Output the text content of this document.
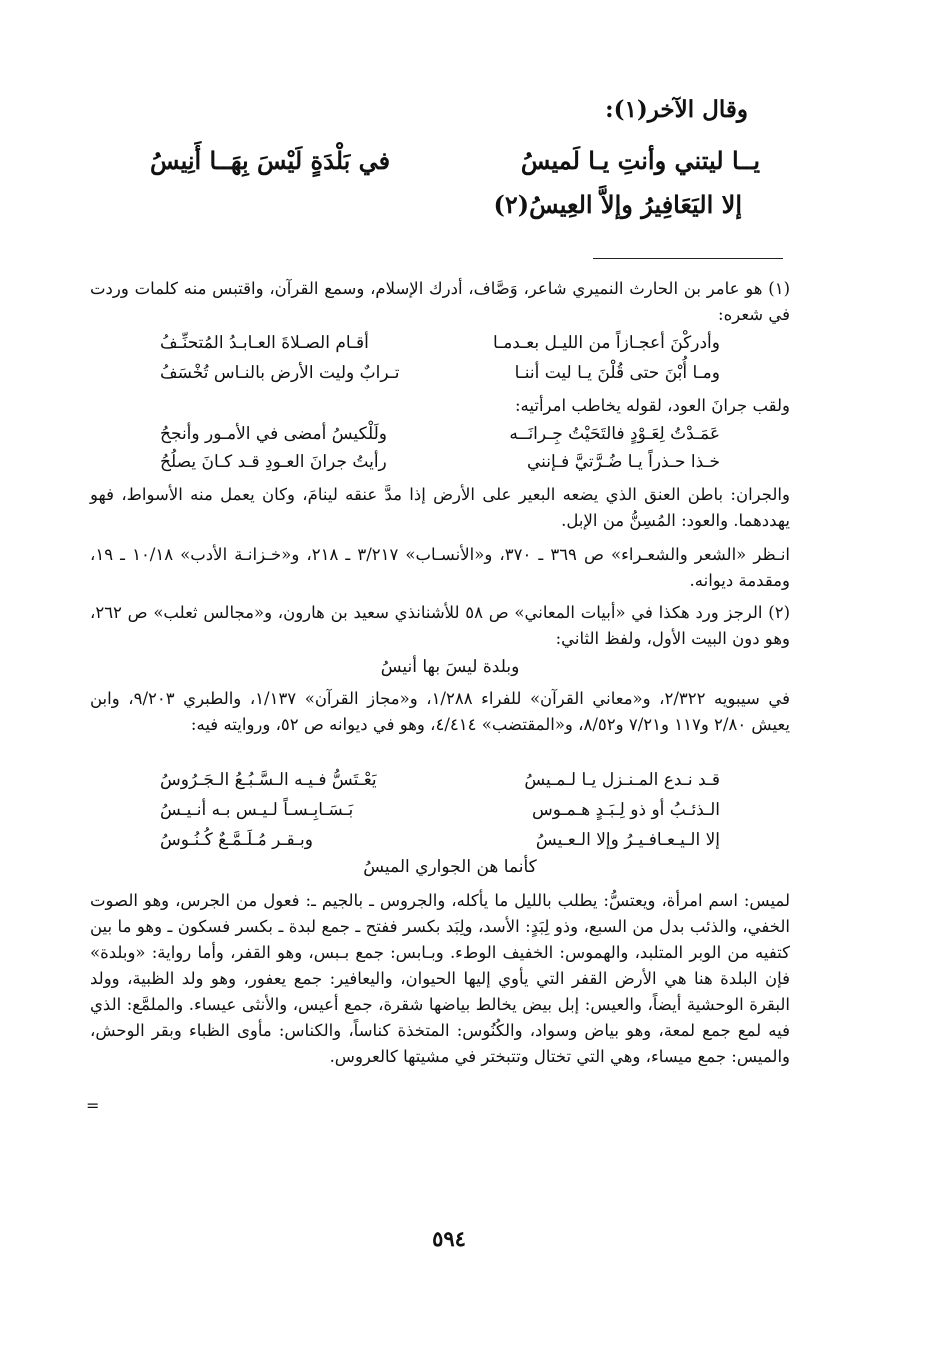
وقال الآخر(١):
يــا ليتني وأنتِ يـا لَميسُ
في بَلْدَةٍ لَيْسَ بِهَــا أَنِيسُ
إلا اليَعَافِيرُ وإلاَّ العِيسُ(٢)
(١) هو عامر بن الحارث النميري شاعر، وَصَّاف، أدرك الإسلام، وسمع القرآن، واقتبس منه كلمات وردت في شعره:
وأدركْنَ أعجـازاً من الليـل بعـدمـا
أقـام الصـلاةَ العـابـدُ المُتحنِّـفُ
ومـا أُبْنَ حتى قُلْنَ يـا ليت أننـا
تـرابٌ وليت الأرض بالنـاس تُخْسَفُ
ولقب جرانَ العود، لقوله يخاطب امرأتيه:
عَمَـدْتُ لِعَـوْدٍ فالتَحَيْتُ جِـرانَــه
ولَلْكيسُ أمضى في الأمـور وأنجحُ
خـذا حـذراً يـا ضُـرَّتيَّ فـإنني
رأيتُ جرانَ العـودِ قـد كـانَ يصلُحُ
والجران: باطن العنق الذي يضعه البعير على الأرض إذا مدَّ عنقه لينامَ، وكان يعمل منه الأسواط، فهو يهددهما. والعود: المُسِنُّ من الإبل.
انـظر «الشعر والشعـراء» ص ٣٦٩ ـ ٣٧٠، و«الأنسـاب» ٣/٢١٧ ـ ٢١٨، و«خـزانـة الأدب» ١٠/١٨ ـ ١٩، ومقدمة ديوانه.
(٢) الرجز ورد هكذا في «أبيات المعاني» ص ٥٨ للأشنانذي سعيد بن هارون، و«مجالس ثعلب» ص ٢٦٢، وهو دون البيت الأول، ولفظ الثاني:
وبلدة ليسَ بها أنيسُ
في سيبويه ٢/٣٢٢، و«معاني القرآن» للفراء ١/٢٨٨، و«مجاز القرآن» ١/١٣٧، والطبري ٩/٢٠٣، وابن يعيش ٢/٨٠ و١١٧ و٧/٢١ و٨/٥٢، و«المقتضب» ٤/٤١٤، وهو في ديوانه ص ٥٢، وروايته فيه:
قـد نـدع المـنـزل يـا لـمـيسُ
يَعْـتَسُّ فـيـه الـسَّـبُـعُ الـجَـرُوسُ
الـذئـبُ أو ذو لِـبَـدٍ هـمـوس
بَـسَـابِـسـاً لـيـس بـه أنـيـسُ
إلا الـيـعـافـيـرُ وإلا الـعـيسُ
وبـقـر مُـلَـمَّـعٌ كُـنُـوسُ
كأنما هن الجواري الميسُ
لميس: اسم امرأة، ويعتسُّ: يطلب بالليل ما يأكله، والجروس ـ بالجيم ـ: فعول من الجرس، وهو الصوت الخفي، والذئب بدل من السبع، وذو لِبَدٍ: الأسد، ولِبَد بكسر ففتح ـ جمع لبدة ـ بكسر فسكون ـ وهو ما بين كتفيه من الوبر المتلبد، والهموس: الخفيف الوطء. وبـابس: جمع بـبس، وهو القفر، وأما رواية: «وبلدة» فإن البلدة هنا هي الأرض القفر التي يأوي إليها الحيوان، واليعافير: جمع يعفور، وهو ولد الظبية، وولد البقرة الوحشية أيضاً، والعيس: إبل بيض يخالط بياضها شقرة، جمع أعيس، والأنثى عيساء. والملمَّع: الذي فيه لمع جمع لمعة، وهو بياض وسواد، والكُنُوس: المتخذة كناساً، والكناس: مأوى الظباء وبقر الوحش، والميس: جمع ميساء، وهي التي تختال وتتبختر في مشيتها كالعروس.
=
٥٩٤
